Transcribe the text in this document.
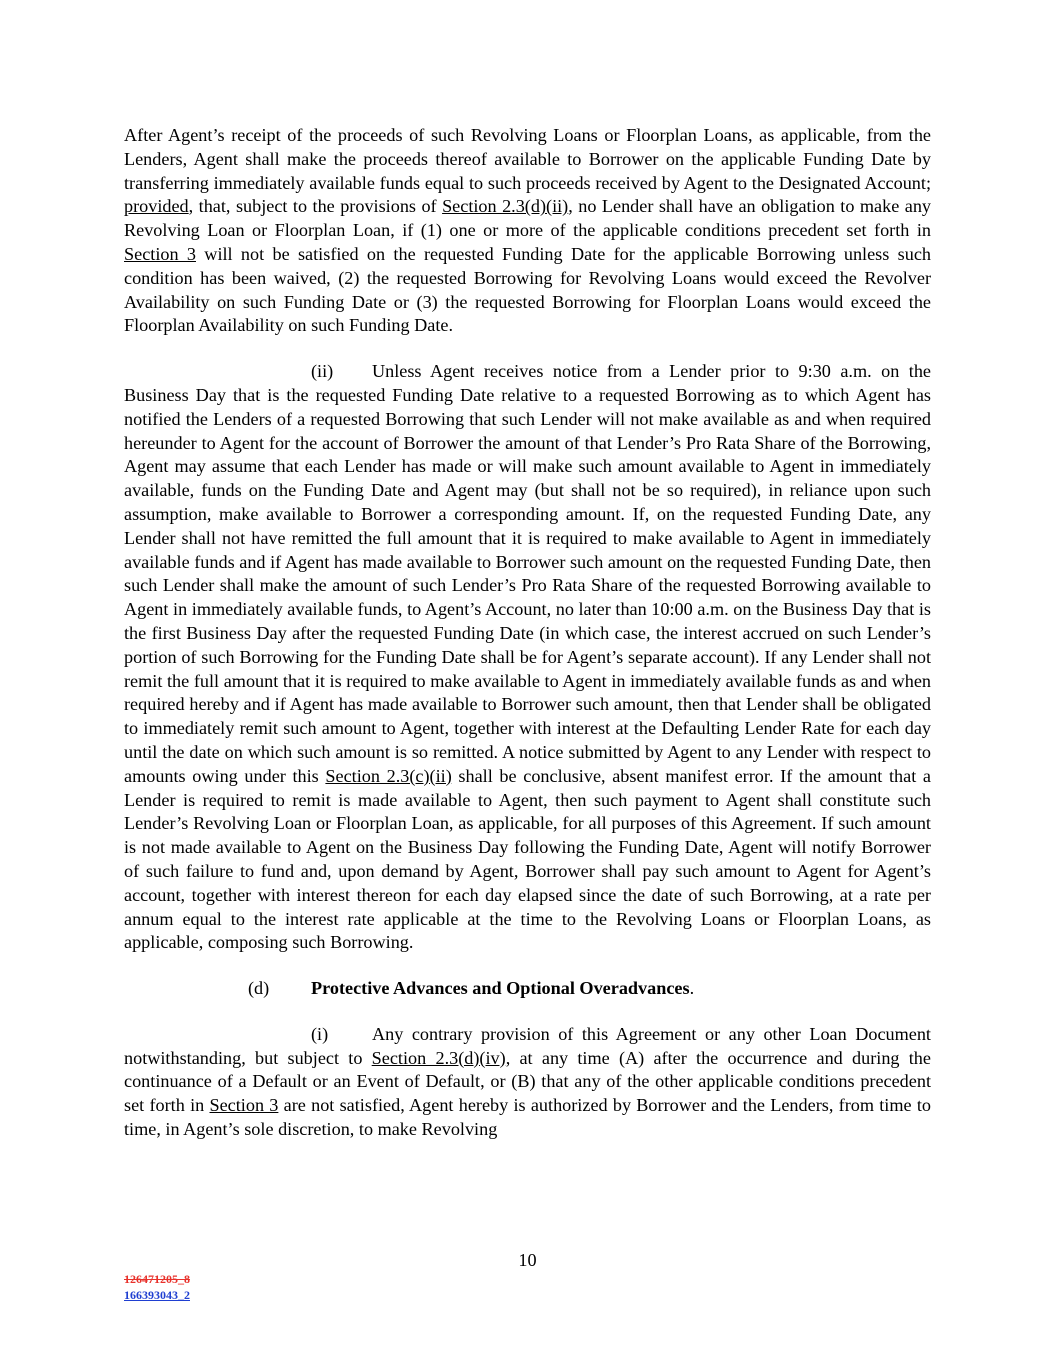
After Agent’s receipt of the proceeds of such Revolving Loans or Floorplan Loans, as applicable, from the Lenders, Agent shall make the proceeds thereof available to Borrower on the applicable Funding Date by transferring immediately available funds equal to such proceeds received by Agent to the Designated Account; provided, that, subject to the provisions of Section 2.3(d)(ii), no Lender shall have an obligation to make any Revolving Loan or Floorplan Loan, if (1) one or more of the applicable conditions precedent set forth in Section 3 will not be satisfied on the requested Funding Date for the applicable Borrowing unless such condition has been waived, (2) the requested Borrowing for Revolving Loans would exceed the Revolver Availability on such Funding Date or (3) the requested Borrowing for Floorplan Loans would exceed the Floorplan Availability on such Funding Date.

(ii) Unless Agent receives notice from a Lender prior to 9:30 a.m. on the Business Day that is the requested Funding Date relative to a requested Borrowing as to which Agent has notified the Lenders of a requested Borrowing that such Lender will not make available as and when required hereunder to Agent for the account of Borrower the amount of that Lender’s Pro Rata Share of the Borrowing, Agent may assume that each Lender has made or will make such amount available to Agent in immediately available, funds on the Funding Date and Agent may (but shall not be so required), in reliance upon such assumption, make available to Borrower a corresponding amount. If, on the requested Funding Date, any Lender shall not have remitted the full amount that it is required to make available to Agent in immediately available funds and if Agent has made available to Borrower such amount on the requested Funding Date, then such Lender shall make the amount of such Lender’s Pro Rata Share of the requested Borrowing available to Agent in immediately available funds, to Agent’s Account, no later than 10:00 a.m. on the Business Day that is the first Business Day after the requested Funding Date (in which case, the interest accrued on such Lender’s portion of such Borrowing for the Funding Date shall be for Agent’s separate account). If any Lender shall not remit the full amount that it is required to make available to Agent in immediately available funds as and when required hereby and if Agent has made available to Borrower such amount, then that Lender shall be obligated to immediately remit such amount to Agent, together with interest at the Defaulting Lender Rate for each day until the date on which such amount is so remitted. A notice submitted by Agent to any Lender with respect to amounts owing under this Section 2.3(c)(ii) shall be conclusive, absent manifest error. If the amount that a Lender is required to remit is made available to Agent, then such payment to Agent shall constitute such Lender’s Revolving Loan or Floorplan Loan, as applicable, for all purposes of this Agreement. If such amount is not made available to Agent on the Business Day following the Funding Date, Agent will notify Borrower of such failure to fund and, upon demand by Agent, Borrower shall pay such amount to Agent for Agent’s account, together with interest thereon for each day elapsed since the date of such Borrowing, at a rate per annum equal to the interest rate applicable at the time to the Revolving Loans or Floorplan Loans, as applicable, composing such Borrowing.

(d) Protective Advances and Optional Overadvances.

(i) Any contrary provision of this Agreement or any other Loan Document notwithstanding, but subject to Section 2.3(d)(iv), at any time (A) after the occurrence and during the continuance of a Default or an Event of Default, or (B) that any of the other applicable conditions precedent set forth in Section 3 are not satisfied, Agent hereby is authorized by Borrower and the Lenders, from time to time, in Agent’s sole discretion, to make Revolving

10
126471205_8
166393043_2
